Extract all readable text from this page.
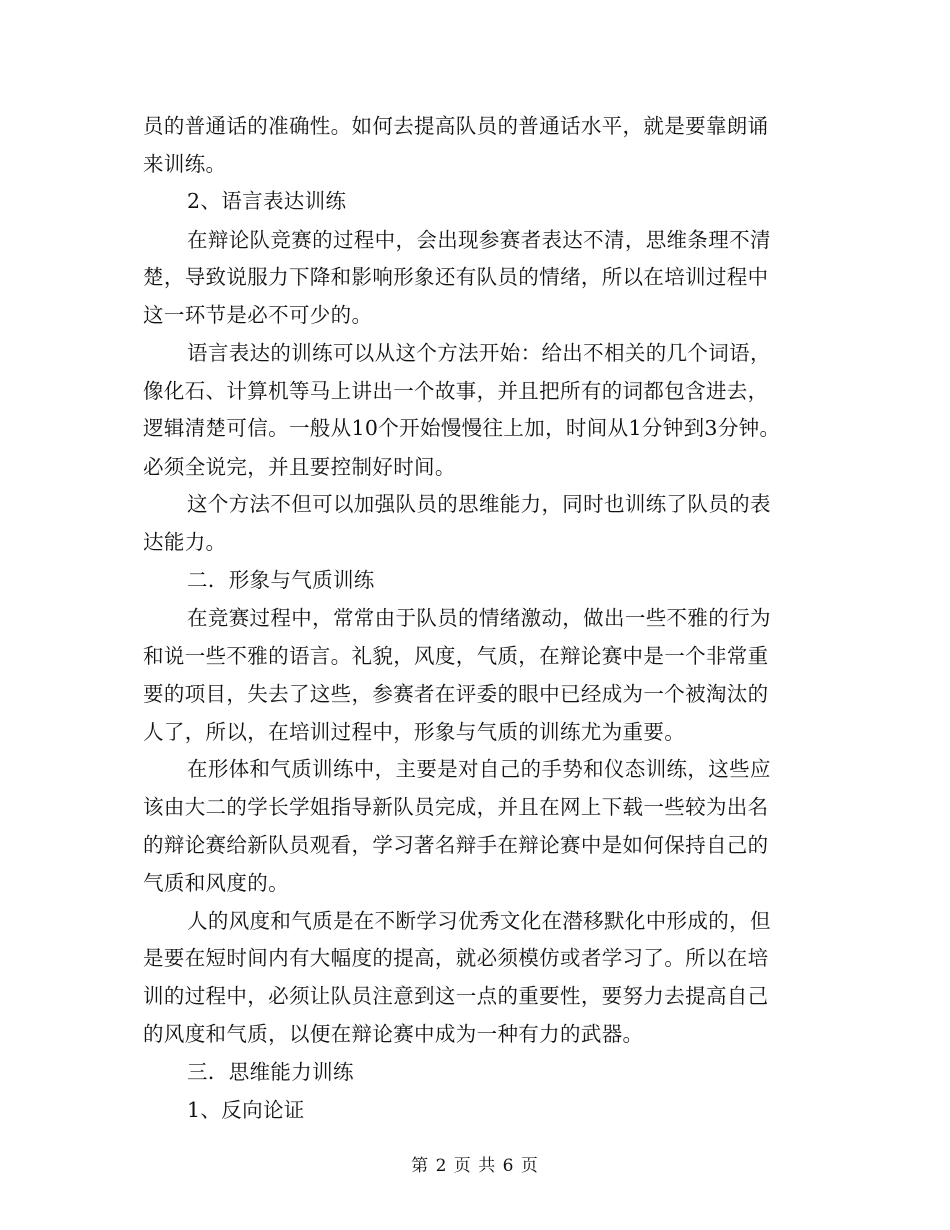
员的普通话的准确性。如何去提高队员的普通话水平，就是要靠朗诵
来训练。
2、语言表达训练
在辩论队竞赛的过程中，会出现参赛者表达不清，思维条理不清
楚，导致说服力下降和影响形象还有队员的情绪，所以在培训过程中
这一环节是必不可少的。
语言表达的训练可以从这个方法开始：给出不相关的几个词语，
像化石、计算机等马上讲出一个故事，并且把所有的词都包含进去，
逻辑清楚可信。一般从10个开始慢慢往上加，时间从1分钟到3分钟。
必须全说完，并且要控制好时间。
这个方法不但可以加强队员的思维能力，同时也训练了队员的表
达能力。
二．形象与气质训练
在竞赛过程中，常常由于队员的情绪激动，做出一些不雅的行为
和说一些不雅的语言。礼貌，风度，气质，在辩论赛中是一个非常重
要的项目，失去了这些，参赛者在评委的眼中已经成为一个被淘汰的
人了，所以，在培训过程中，形象与气质的训练尤为重要。
在形体和气质训练中，主要是对自己的手势和仪态训练，这些应
该由大二的学长学姐指导新队员完成，并且在网上下载一些较为出名
的辩论赛给新队员观看，学习著名辩手在辩论赛中是如何保持自己的
气质和风度的。
人的风度和气质是在不断学习优秀文化在潜移默化中形成的，但
是要在短时间内有大幅度的提高，就必须模仿或者学习了。所以在培
训的过程中，必须让队员注意到这一点的重要性，要努力去提高自己
的风度和气质，以便在辩论赛中成为一种有力的武器。
三．思维能力训练
1、反向论证
第 2 页 共 6 页
